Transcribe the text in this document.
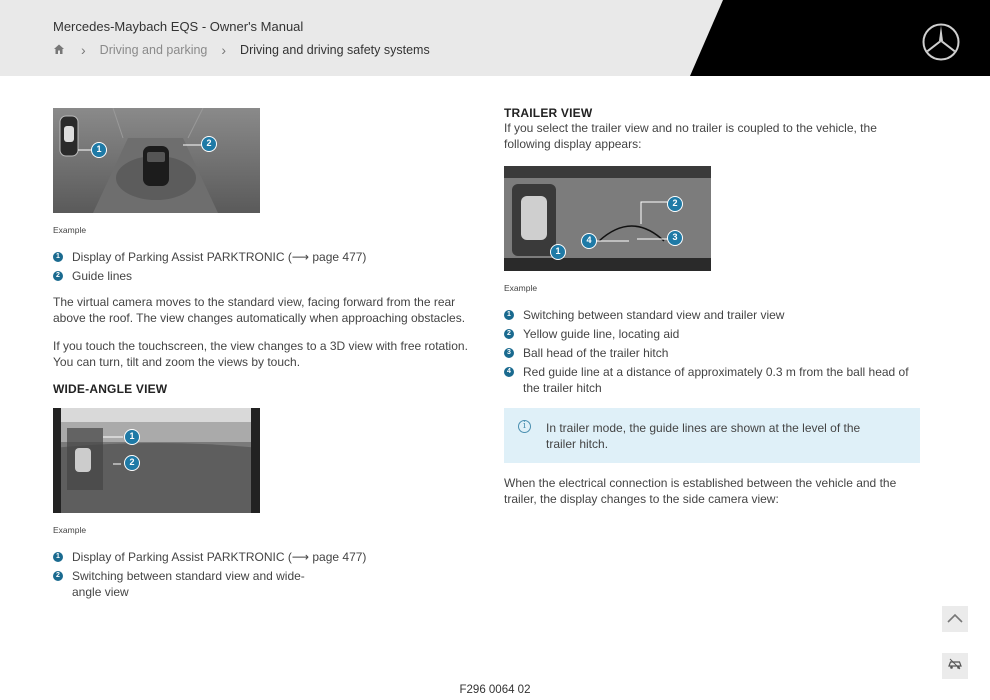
Mercedes-Maybach EQS - Owner's Manual
› Driving and parking › Driving and driving safety systems
1
2
Example
1 Display of Parking Assist PARKTRONIC (⟶ page 477)
2 Guide lines

The virtual camera moves to the standard view, facing forward from the rear above the roof. The view changes automatically when approaching obstacles.

If you touch the touchscreen, the view changes to a 3D view with free rotation. You can turn, tilt and zoom the views by touch.

WIDE-ANGLE VIEW
1
2
Example
1 Display of Parking Assist PARKTRONIC (⟶ page 477)
2 Switching between standard view and wide-angle view
TRAILER VIEW

If you select the trailer view and no trailer is coupled to the vehicle, the following display appears:

1
2
3
4
Example
1 Switching between standard view and trailer view
2 Yellow guide line, locating aid
3 Ball head of the trailer hitch
4 Red guide line at a distance of approximately 0.3 m from the ball head of the trailer hitch
i	In trailer mode, the guide lines are shown at the level of the trailer hitch.

When the electrical connection is established between the vehicle and the trailer, the display changes to the side camera view:

F296 0064 02
